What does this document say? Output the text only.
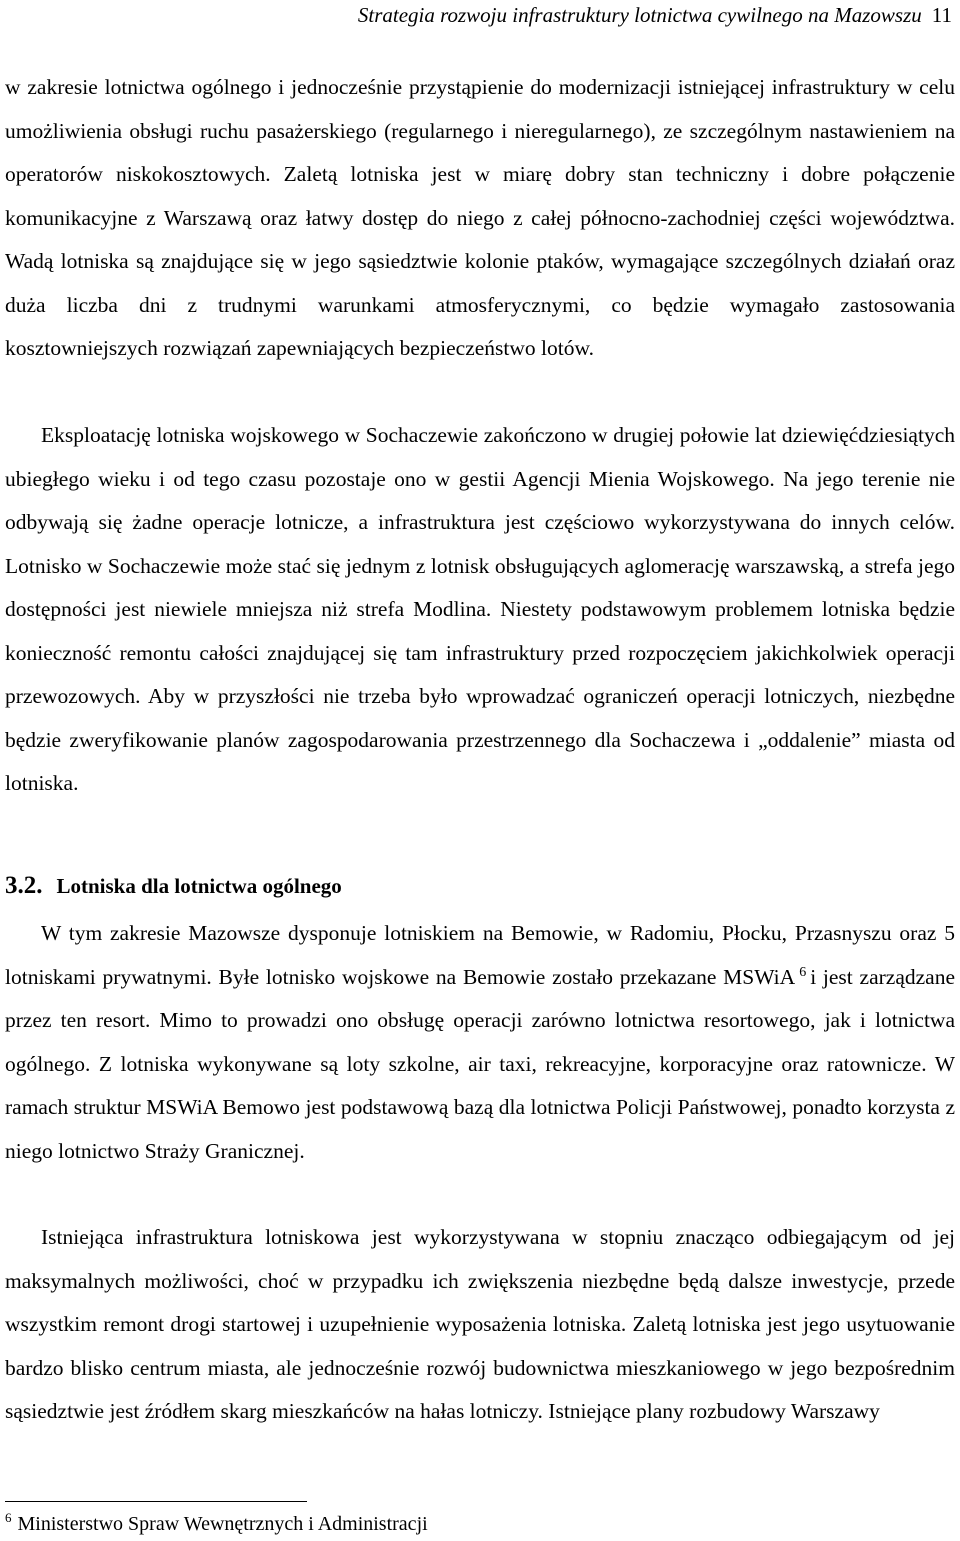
Strategia rozwoju infrastruktury lotnictwa cywilnego na Mazowszu 11

w zakresie lotnictwa ogólnego i jednocześnie przystąpienie do modernizacji istniejącej infrastruktury w celu umożliwienia obsługi ruchu pasażerskiego (regularnego i nieregularnego), ze szczególnym nastawieniem na operatorów niskokosztowych. Zaletą lotniska jest w miarę dobry stan techniczny i dobre połączenie komunikacyjne z Warszawą oraz łatwy dostęp do niego z całej północno-zachodniej części województwa. Wadą lotniska są znajdujące się w jego sąsiedztwie kolonie ptaków, wymagające szczególnych działań oraz duża liczba dni z trudnymi warunkami atmosferycznymi, co będzie wymagało zastosowania kosztowniejszych rozwiązań zapewniających bezpieczeństwo lotów.

Eksploatację lotniska wojskowego w Sochaczewie zakończono w drugiej połowie lat dziewięćdziesiątych ubiegłego wieku i od tego czasu pozostaje ono w gestii Agencji Mienia Wojskowego. Na jego terenie nie odbywają się żadne operacje lotnicze, a infrastruktura jest częściowo wykorzystywana do innych celów. Lotnisko w Sochaczewie może stać się jednym z lotnisk obsługujących aglomerację warszawską, a strefa jego dostępności jest niewiele mniejsza niż strefa Modlina. Niestety podstawowym problemem lotniska będzie konieczność remontu całości znajdującej się tam infrastruktury przed rozpoczęciem jakichkolwiek operacji przewozowych. Aby w przyszłości nie trzeba było wprowadzać ograniczeń operacji lotniczych, niezbędne będzie zweryfikowanie planów zagospodarowania przestrzennego dla Sochaczewa i „oddalenie” miasta od lotniska.

3.2. Lotniska dla lotnictwa ogólnego

W tym zakresie Mazowsze dysponuje lotniskiem na Bemowie, w Radomiu, Płocku, Przasnyszu oraz 5 lotniskami prywatnymi. Byłe lotnisko wojskowe na Bemowie zostało przekazane MSWiA $^6$ i jest zarządzane przez ten resort. Mimo to prowadzi ono obsługę operacji zarówno lotnictwa resortowego, jak i lotnictwa ogólnego. Z lotniska wykonywane są loty szkolne, air taxi, rekreacyjne, korporacyjne oraz ratownicze. W ramach struktur MSWiA Bemowo jest podstawową bazą dla lotnictwa Policji Państwowej, ponadto korzysta z niego lotnictwo Straży Granicznej.

Istniejąca infrastruktura lotniskowa jest wykorzystywana w stopniu znacząco odbiegającym od jej maksymalnych możliwości, choć w przypadku ich zwiększenia niezbędne będą dalsze inwestycje, przede wszystkim remont drogi startowej i uzupełnienie wyposażenia lotniska. Zaletą lotniska jest jego usytuowanie bardzo blisko centrum miasta, ale jednocześnie rozwój budownictwa mieszkaniowego w jego bezpośrednim sąsiedztwie jest źródłem skarg mieszkańców na hałas lotniczy. Istniejące plany rozbudowy Warszawy

$^6$ Ministerstwo Spraw Wewnętrznych i Administracji
